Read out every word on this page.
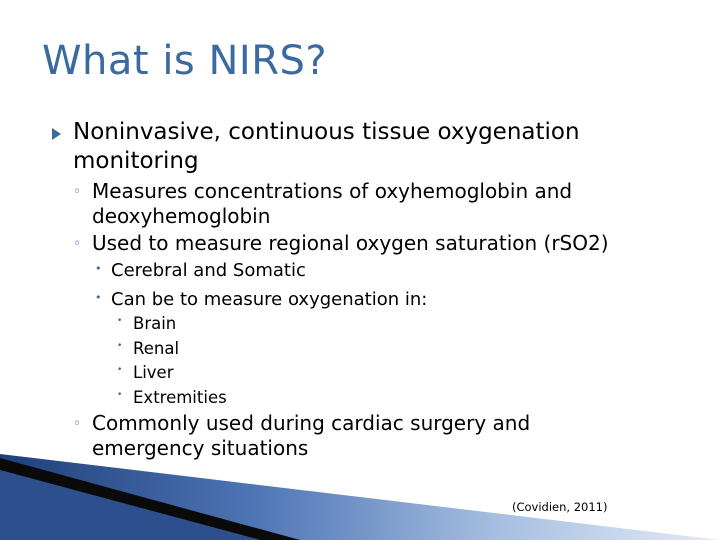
What is NIRS?
Noninvasive, continuous tissue oxygenation
monitoring
◦ Measures concentrations of oxyhemoglobin and
deoxyhemoglobin
◦ Used to measure regional oxygen saturation (rSO2)
• Cerebral and Somatic
• Can be to measure oxygenation in:
• Brain
• Renal
• Liver
• Extremities
◦ Commonly used during cardiac surgery and
emergency situations
(Covidien, 2011)
